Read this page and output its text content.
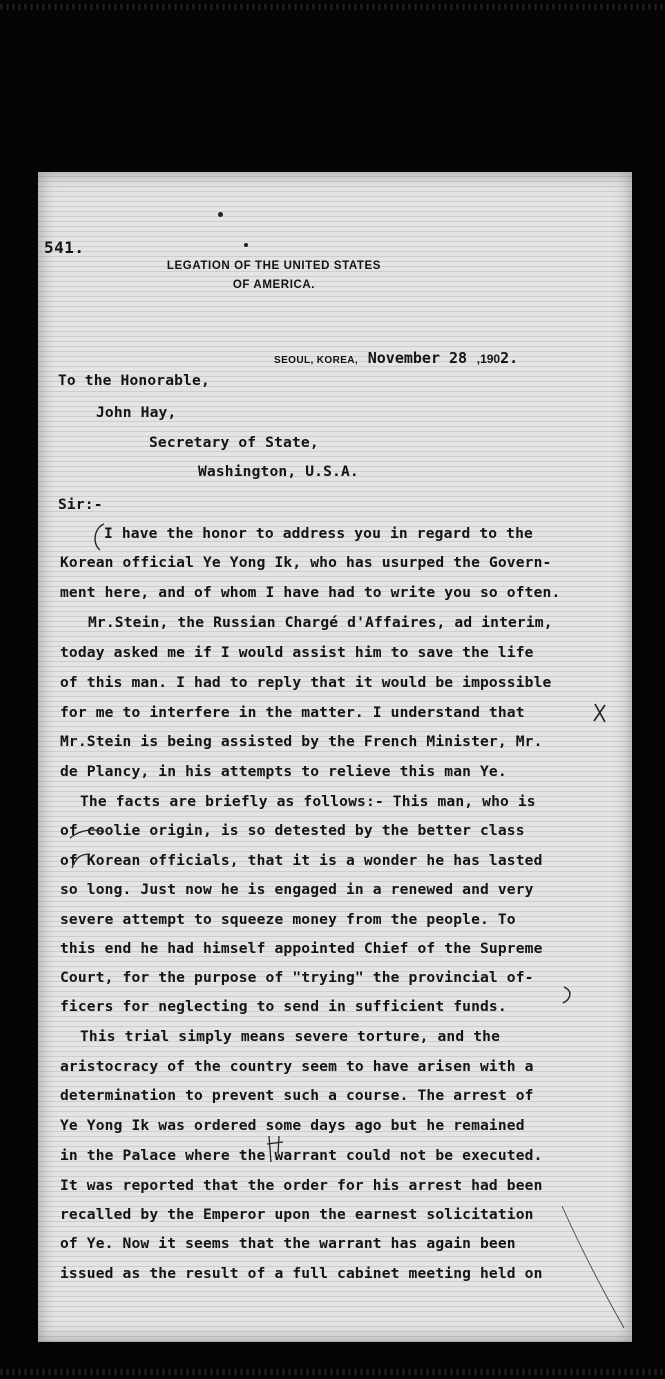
541.
LEGATION OF THE UNITED STATES
OF AMERICA.
SEOUL, KOREA, November 28 ,1902.
To the Honorable,
John Hay,
Secretary of State,
Washington, U.S.A.
Sir:-
I have the honor to address you in regard to the
Korean official Ye Yong Ik, who has usurped the Govern-
ment here, and of whom I have had to write you so often.
Mr.Stein, the Russian Chargé d'Affaires, ad interim,
today asked me if I would assist him to save the life
of this man. I had to reply that it would be impossible
for me to interfere in the matter. I understand that
Mr.Stein is being assisted by the French Minister, Mr.
de Plancy, in his attempts to relieve this man Ye.
The facts are briefly as follows:- This man, who is
of coolie origin, is so detested by the better class
of Korean officials, that it is a wonder he has lasted
so long. Just now he is engaged in a renewed and very
severe attempt to squeeze money from the people. To
this end he had himself appointed Chief of the Supreme
Court, for the purpose of "trying" the provincial of-
ficers for neglecting to send in sufficient funds.
This trial simply means severe torture, and the
aristocracy of the country seem to have arisen with a
determination to prevent such a course. The arrest of
Ye Yong Ik was ordered some days ago but he remained
in the Palace where the warrant could not be executed.
It was reported that the order for his arrest had been
recalled by the Emperor upon the earnest solicitation
of Ye. Now it seems that the warrant has again been
issued as the result of a full cabinet meeting held on
